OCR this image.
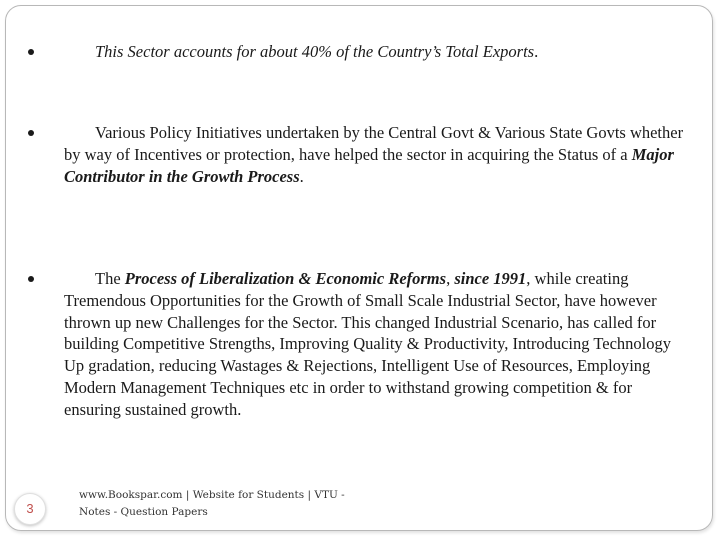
This Sector accounts for about 40% of the Country’s Total Exports.
Various Policy Initiatives undertaken by the Central Govt & Various State Govts whether by way of Incentives or protection, have helped the sector in acquiring the Status of a Major Contributor in the Growth Process.
The Process of Liberalization & Economic Reforms, since 1991, while creating Tremendous Opportunities for the Growth of Small Scale Industrial Sector, have however thrown up new Challenges for the Sector. This changed Industrial Scenario, has called for building Competitive Strengths, Improving Quality & Productivity, Introducing Technology Up gradation, reducing Wastages & Rejections, Intelligent Use of Resources, Employing Modern Management Techniques etc in order to withstand growing competition & for ensuring sustained growth.
3
www.Bookspar.com | Website for Students | VTU -
Notes - Question Papers
